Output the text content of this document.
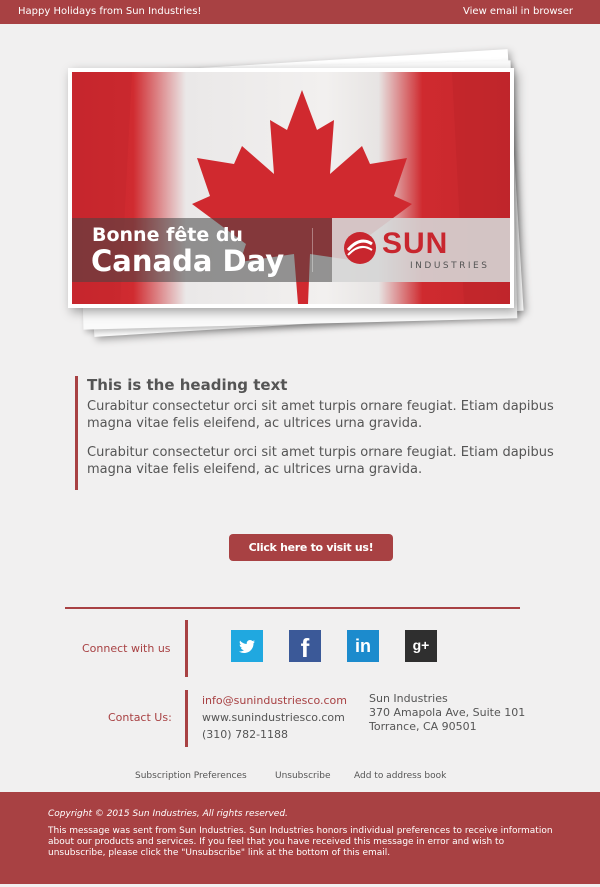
Happy Holidays from Sun Industries!	View email in browser
Bonne fête du
Canada Day
SUN
INDUSTRIES
This is the heading text

Curabitur consectetur orci sit amet turpis ornare feugiat. Etiam dapibus magna vitae felis eleifend, ac ultrices urna gravida.

Curabitur consectetur orci sit amet turpis ornare feugiat. Etiam dapibus magna vitae felis eleifend, ac ultrices urna gravida.

Click here to visit us!
Connect with us	f	in	g+
Contact Us:
info@sunindustriesco.com
www.sunindustriesco.com
(310) 782-1188
Sun Industries
370 Amapola Ave, Suite 101
Torrance, CA 90501
Subscription Preferences	Unsubscribe	Add to address book
Copyright © 2015 Sun Industries, All rights reserved.
This message was sent from Sun Industries. Sun Industries honors individual preferences to receive information about our products and services. If you feel that you have received this message in error and wish to unsubscribe, please click the "Unsubscribe" link at the bottom of this email.
